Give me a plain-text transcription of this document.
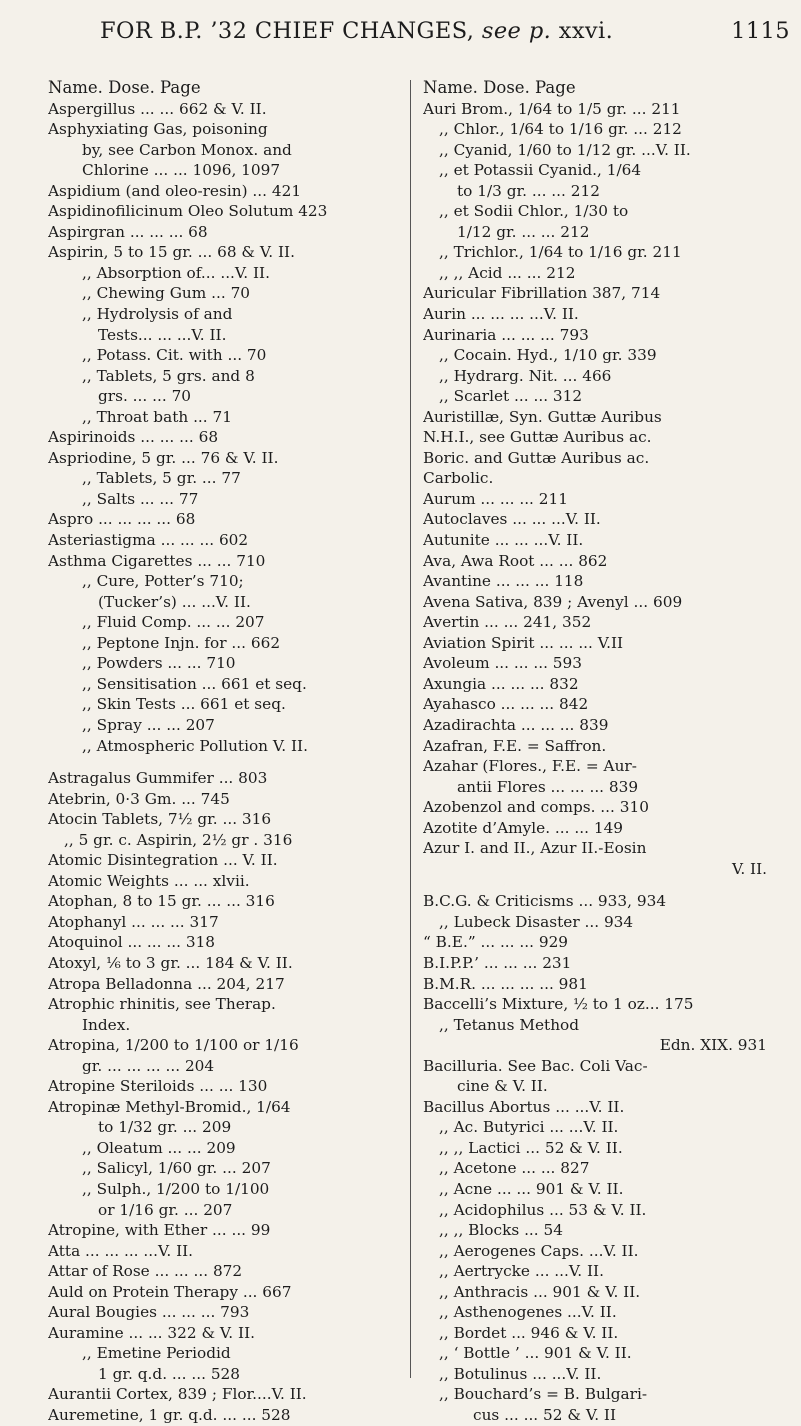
FOR B.P. ’32 CHIEF CHANGES, see p. xxvi.	1115
Name. Dose. Page
Aspergillus ... ... 662 & V. II.
Asphyxiating Gas, poisoning
by, see Carbon Monox. and
Chlorine ... ... 1096, 1097
Aspidium (and oleo-resin) ... 421
Aspidinofilicinum Oleo Solutum 423
Aspirgran ... ... ... 68
Aspirin, 5 to 15 gr. ... 68 & V. II.
,, Absorption of... ...V. II.
,, Chewing Gum ... 70
,, Hydrolysis of and
Tests... ... ...V. II.
,, Potass. Cit. with ... 70
,, Tablets, 5 grs. and 8
grs. ... ... 70
,, Throat bath ... 71
Aspirinoids ... ... ... 68
Aspriodine, 5 gr. ... 76 & V. II.
,, Tablets, 5 gr. ... 77
,, Salts ... ... 77
Aspro ... ... ... ... 68
Asteriastigma ... ... ... 602
Asthma Cigarettes ... ... 710
,, Cure, Potter’s 710;
(Tucker’s) ... ...V. II.
,, Fluid Comp. ... ... 207
,, Peptone Injn. for ... 662
,, Powders ... ... 710
,, Sensitisation ... 661 et seq.
,, Skin Tests ... 661 et seq.
,, Spray ... ... 207
,, Atmospheric Pollution V. II.
Astragalus Gummifer ... 803
Atebrin, 0·3 Gm. ... 745
Atocin Tablets, 7½ gr. ... 316
,, 5 gr. c. Aspirin, 2½ gr . 316
Atomic Disintegration ... V. II.
Atomic Weights ... ... xlvii.
Atophan, 8 to 15 gr. ... ... 316
Atophanyl ... ... ... 317
Atoquinol ... ... ... 318
Atoxyl, ⅙ to 3 gr. ... 184 & V. II.
Atropa Belladonna ... 204, 217
Atrophic rhinitis, see Therap.
Index.
Atropina, 1/200 to 1/100 or 1/16
gr. ... ... ... ... 204
Atropine Steriloids ... ... 130
Atropinæ Methyl-Bromid., 1/64
to 1/32 gr. ... 209
,, Oleatum ... ... 209
,, Salicyl, 1/60 gr. ... 207
,, Sulph., 1/200 to 1/100
or 1/16 gr. ... 207
Atropine, with Ether ... ... 99
Atta ... ... ... ...V. II.
Attar of Rose ... ... ... 872
Auld on Protein Therapy ... 667
Aural Bougies ... ... ... 793
Auramine ... ... 322 & V. II.
,, Emetine Periodid
1 gr. q.d. ... ... 528
Aurantii Cortex, 839 ; Flor....V. II.
Auremetine, 1 gr. q.d. ... ... 528
Name. Dose. Page
Auri Brom., 1/64 to 1/5 gr. ... 211
,, Chlor., 1/64 to 1/16 gr. ... 212
,, Cyanid, 1/60 to 1/12 gr. ...V. II.
,, et Potassii Cyanid., 1/64
to 1/3 gr. ... ... 212
,, et Sodii Chlor., 1/30 to
1/12 gr. ... ... 212
,, Trichlor., 1/64 to 1/16 gr. 211
,, ,, Acid ... ... 212
Auricular Fibrillation 387, 714
Aurin ... ... ... ...V. II.
Aurinaria ... ... ... 793
,, Cocain. Hyd., 1/10 gr. 339
,, Hydrarg. Nit. ... 466
,, Scarlet ... ... 312
Auristillæ, Syn. Guttæ Auribus
N.H.I., see Guttæ Auribus ac.
Boric. and Guttæ Auribus ac.
Carbolic.
Aurum ... ... ... 211
Autoclaves ... ... ...V. II.
Autunite ... ... ...V. II.
Ava, Awa Root ... ... 862
Avantine ... ... ... 118
Avena Sativa, 839 ; Avenyl ... 609
Avertin ... ... 241, 352
Aviation Spirit ... ... ... V.II
Avoleum ... ... ... 593
Axungia ... ... ... 832
Ayahasco ... ... ... 842
Azadirachta ... ... ... 839
Azafran, F.E. = Saffron.
Azahar (Flores., F.E. = Aur-
antii Flores ... ... ... 839
Azobenzol and comps. ... 310
Azotite d’Amyle. ... ... 149
Azur I. and II., Azur II.-Eosin
V. II.
B.C.G. & Criticisms ... 933, 934
,, Lubeck Disaster ... 934
“ B.E.” ... ... ... 929
B.I.P.P.’ ... ... ... 231
B.M.R. ... ... ... ... 981
Baccelli’s Mixture, ½ to 1 oz... 175
,, Tetanus Method
Edn. XIX. 931
Bacilluria. See Bac. Coli Vac-
cine & V. II.
Bacillus Abortus ... ...V. II.
,, Ac. Butyrici ... ...V. II.
,, ,, Lactici ... 52 & V. II.
,, Acetone ... ... 827
,, Acne ... ... 901 & V. II.
,, Acidophilus ... 53 & V. II.
,, ,, Blocks ... 54
,, Aerogenes Caps. ...V. II.
,, Aertrycke ... ...V. II.
,, Anthracis ... 901 & V. II.
,, Asthenogenes ...V. II.
,, Bordet ... 946 & V. II.
,, ‘ Bottle ’ ... 901 & V. II.
,, Botulinus ... ...V. II.
,, Bouchard’s = B. Bulgari-
cus ... ... 52 & V. II
